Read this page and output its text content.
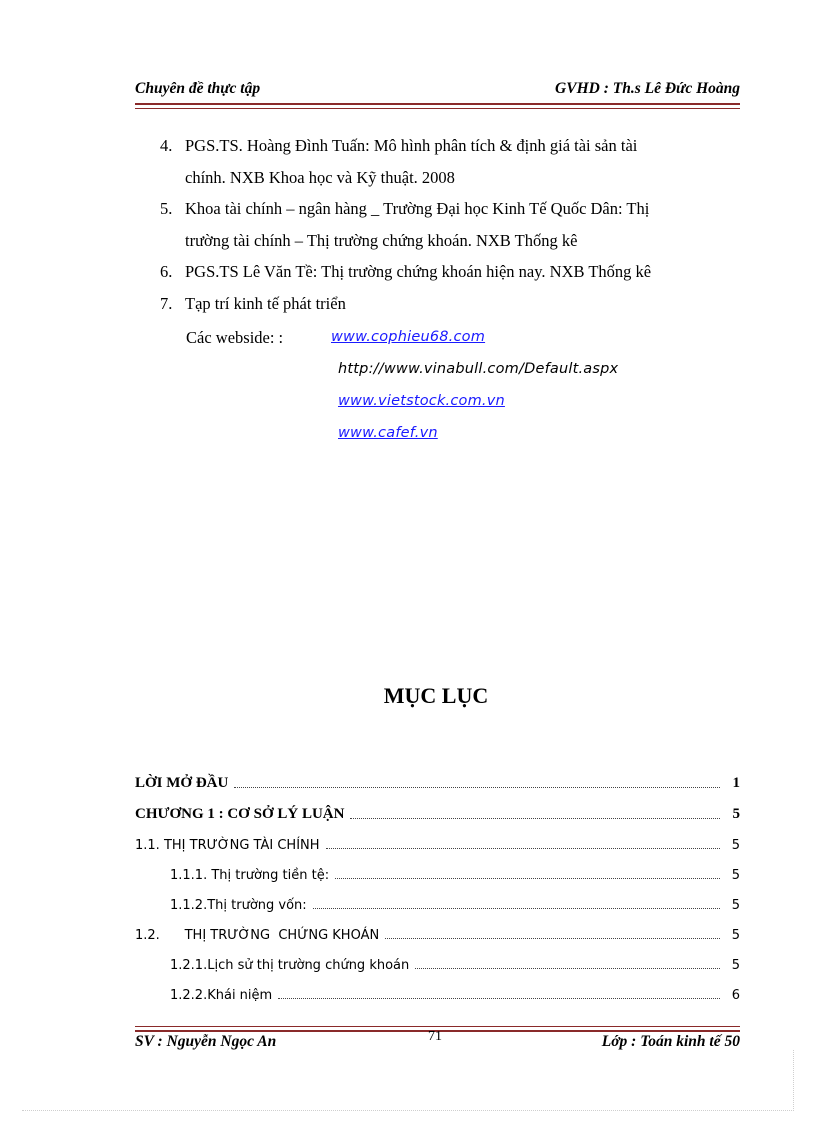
Chuyên đề thực tập	GVHD : Th.s Lê Đức Hoàng
4. PGS.TS. Hoàng Đình Tuấn: Mô hình phân tích & định giá tài sản tài
chính. NXB Khoa học và Kỹ thuật. 2008
5. Khoa tài chính – ngân hàng _ Trường Đại học Kinh Tế Quốc Dân: Thị
trường tài chính – Thị trường chứng khoán. NXB Thống kê
6. PGS.TS Lê Văn Tề: Thị trường chứng khoán hiện nay. NXB Thống kê
7. Tạp trí kinh tế phát triển
Các webside: :	www.cophieu68.com
http://www.vinabull.com/Default.aspx
www.vietstock.com.vn
www.cafef.vn
MỤC LỤC
LỜI MỞ ĐẦU	1
CHƯƠNG 1 : CƠ SỞ LÝ LUẬN	5
1.1. THỊ TRƯỜNG TÀI CHÍNH	5
1.1.1. Thị trường tiền tệ:	5
1.1.2.Thị trường vốn:	5
1.2.      THỊ TRƯỜNG  CHỨNG KHOÁN	5
1.2.1.Lịch sử thị trường chứng khoán	5
1.2.2.Khái niệm	6
SV : Nguyễn Ngọc An	71	Lớp : Toán kinh tế 50
